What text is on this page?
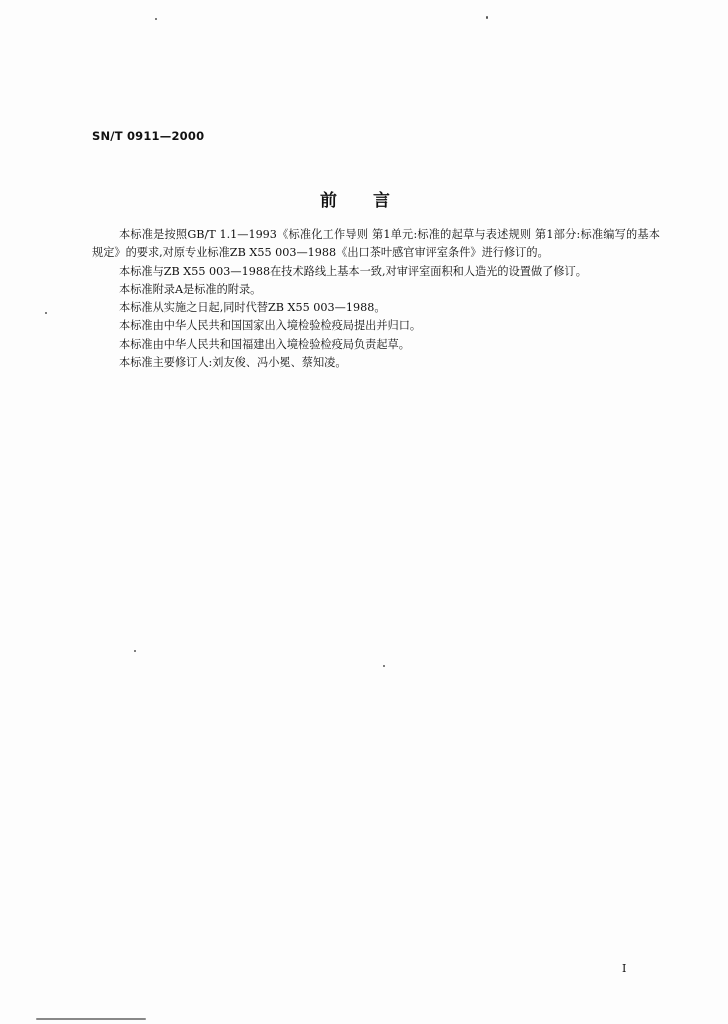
SN/T 0911—2000
前言

本标准是按照GB/T 1.1—1993《标准化工作导则 第1单元:标准的起草与表述规则 第1部分:标准编写的基本规定》的要求,对原专业标准ZB X55 003—1988《出口茶叶感官审评室条件》进行修订的。

本标准与ZB X55 003—1988在技术路线上基本一致,对审评室面积和人造光的设置做了修订。

本标准附录A是标准的附录。

本标准从实施之日起,同时代替ZB X55 003—1988。

本标准由中华人民共和国国家出入境检验检疫局提出并归口。

本标准由中华人民共和国福建出入境检验检疫局负责起草。

本标准主要修订人:刘友俊、冯小冕、蔡知凌。

I
